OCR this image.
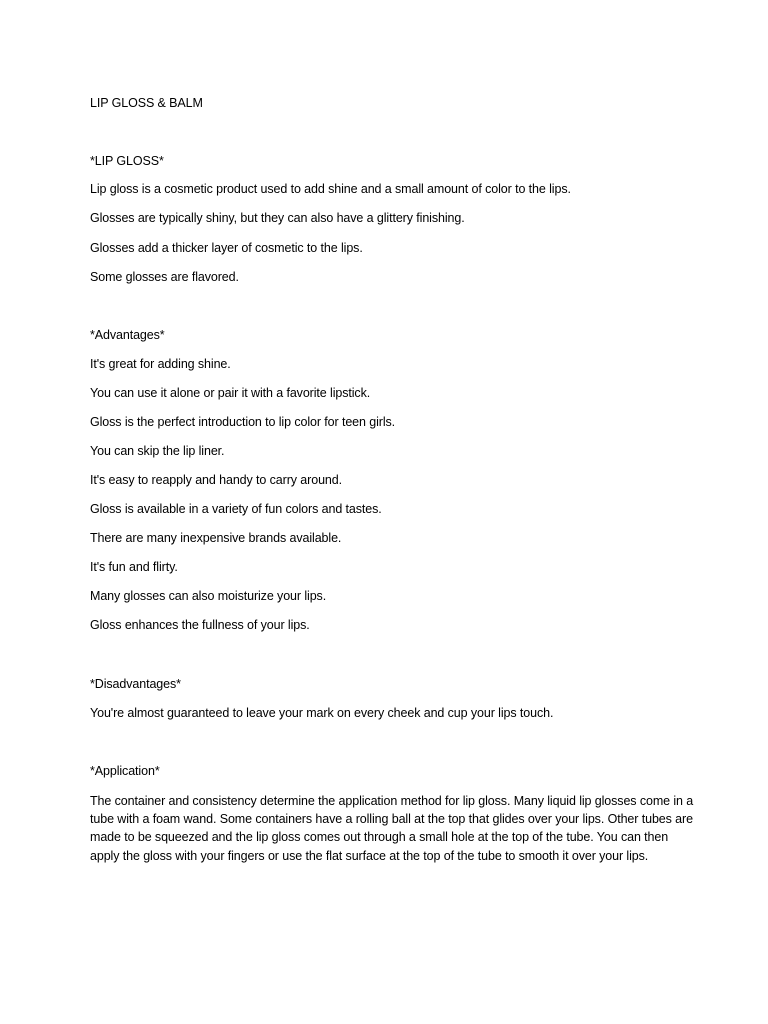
LIP GLOSS & BALM
*LIP GLOSS*
Lip gloss is a cosmetic product used to add shine and a small amount of color to the lips.
Glosses are typically shiny, but they can also have a glittery finishing.
Glosses add a thicker layer of cosmetic to the lips.
Some glosses are flavored.
*Advantages*
It's great for adding shine.
You can use it alone or pair it with a favorite lipstick.
Gloss is the perfect introduction to lip color for teen girls.
You can skip the lip liner.
It's easy to reapply and handy to carry around.
Gloss is available in a variety of fun colors and tastes.
There are many inexpensive brands available.
It's fun and flirty.
Many glosses can also moisturize your lips.
Gloss enhances the fullness of your lips.
*Disadvantages*
You're almost guaranteed to leave your mark on every cheek and cup your lips touch.
*Application*
The container and consistency determine the application method for lip gloss. Many liquid lip glosses come in a tube with a foam wand. Some containers have a rolling ball at the top that glides over your lips. Other tubes are made to be squeezed and the lip gloss comes out through a small hole at the top of the tube. You can then apply the gloss with your fingers or use the flat surface at the top of the tube to smooth it over your lips.
